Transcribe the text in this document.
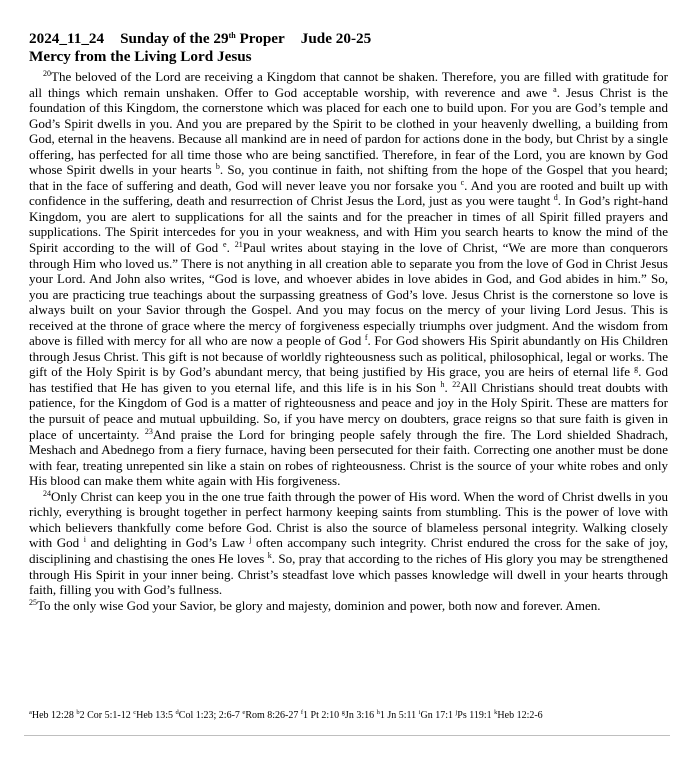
2024_11_24 Sunday of the 29th Proper Jude 20-25
Mercy from the Living Lord Jesus
$^{20}$The beloved of the Lord are receiving a Kingdom that cannot be shaken. Therefore, you are filled with gratitude for all things which remain unshaken. Offer to God acceptable worship, with reverence and awe $^a$. Jesus Christ is the foundation of this Kingdom, the cornerstone which was placed for each one to build upon. For you are God’s temple and God’s Spirit dwells in you. And you are prepared by the Spirit to be clothed in your heavenly dwelling, a building from God, eternal in the heavens. Because all mankind are in need of pardon for actions done in the body, but Christ by a single offering, has perfected for all time those who are being sanctified. Therefore, in fear of the Lord, you are known by God whose Spirit dwells in your hearts $^b$. So, you continue in faith, not shifting from the hope of the Gospel that you heard; that in the face of suffering and death, God will never leave you nor forsake you $^c$. And you are rooted and built up with confidence in the suffering, death and resurrection of Christ Jesus the Lord, just as you were taught $^d$. In God’s right-hand Kingdom, you are alert to supplications for all the saints and for the preacher in times of all Spirit filled prayers and supplications. The Spirit intercedes for you in your weakness, and with Him you search hearts to know the mind of the Spirit according to the will of God $^e$. $^{21}$Paul writes about staying in the love of Christ, “We are more than conquerors through Him who loved us.” There is not anything in all creation able to separate you from the love of God in Christ Jesus your Lord. And John also writes, “God is love, and whoever abides in love abides in God, and God abides in him.” So, you are practicing true teachings about the surpassing greatness of God’s love. Jesus Christ is the cornerstone so love is always built on your Savior through the Gospel. And you may focus on the mercy of your living Lord Jesus. This is received at the throne of grace where the mercy of forgiveness especially triumphs over judgment. And the wisdom from above is filled with mercy for all who are now a people of God $^f$. For God showers His Spirit abundantly on His Children through Jesus Christ. This gift is not because of worldly righteousness such as political, philosophical, legal or works. The gift of the Holy Spirit is by God’s abundant mercy, that being justified by His grace, you are heirs of eternal life $^g$. God has testified that He has given to you eternal life, and this life is in his Son $^h$. $^{22}$All Christians should treat doubts with patience, for the Kingdom of God is a matter of righteousness and peace and joy in the Holy Spirit. These are matters for the pursuit of peace and mutual upbuilding. So, if you have mercy on doubters, grace reigns so that sure faith is given in place of uncertainty. $^{23}$And praise the Lord for bringing people safely through the fire. The Lord shielded Shadrach, Meshach and Abednego from a fiery furnace, having been persecuted for their faith. Correcting one another must be done with fear, treating unrepented sin like a stain on robes of righteousness. Christ is the source of your white robes and only His blood can make them white again with His forgiveness.
$^{24}$Only Christ can keep you in the one true faith through the power of His word. When the word of Christ dwells in you richly, everything is brought together in perfect harmony keeping saints from stumbling. This is the power of love with which believers thankfully come before God. Christ is also the source of blameless personal integrity. Walking closely with God $^i$ and delighting in God’s Law $^j$ often accompany such integrity. Christ endured the cross for the sake of joy, disciplining and chastising the ones He loves $^k$. So, pray that according to the riches of His glory you may be strengthened through His Spirit in your inner being. Christ’s steadfast love which passes knowledge will dwell in your hearts through faith, filling you with God’s fullness.
$^{25}$To the only wise God your Savior, be glory and majesty, dominion and power, both now and forever. Amen.
$^a$Heb 12:28 $^b$2 Cor 5:1-12 $^c$Heb 13:5 $^d$Col 1:23; 2:6-7 $^e$Rom 8:26-27 $^f$1 Pt 2:10 $^g$Jn 3:16 $^h$1 Jn 5:11 $^i$Gn 17:1 $^j$Ps 119:1 $^k$Heb 12:2-6
